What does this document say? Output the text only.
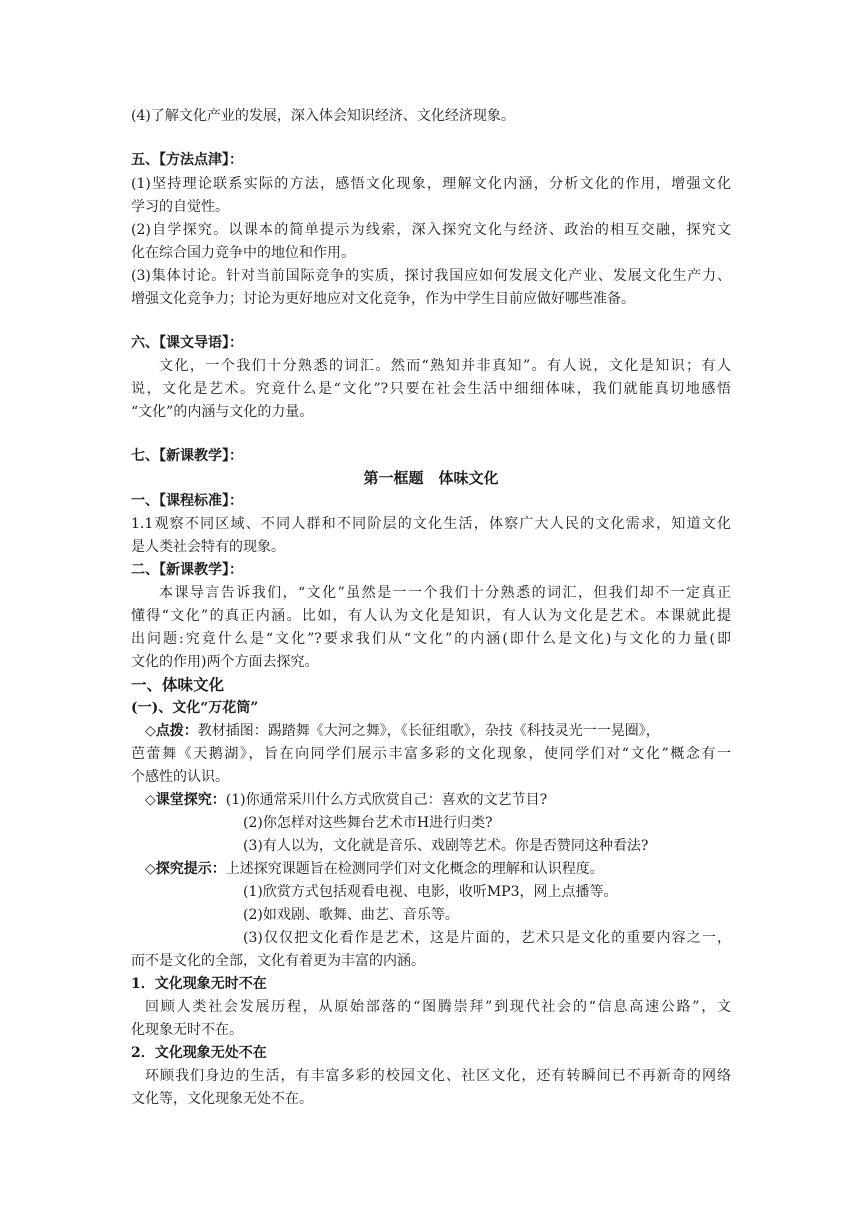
(4)了解文化产业的发展，深入体会知识经济、文化经济现象。
五、【方法点津】：
(1)坚持理论联系实际的方法，感悟文化现象，理解文化内涵，分析文化的作用，增强文化
学习的自觉性。
(2)自学探究。以课本的简单提示为线索，深入探究文化与经济、政治的相互交融，探究文
化在综合国力竞争中的地位和作用。
(3)集体讨论。针对当前国际竞争的实质，探讨我国应如何发展文化产业、发展文化生产力、
增强文化竞争力；讨论为更好地应对文化竞争，作为中学生目前应做好哪些准备。
六、【课文导语】：
文化，一个我们十分熟悉的词汇。然而“熟知并非真知”。有人说，文化是知识；有人
说，文化是艺术。究竟什么是“文化”?只要在社会生活中细细体味，我们就能真切地感悟
“文化”的内涵与文化的力量。
七、【新课教学】：
第一框题　体味文化
一、【课程标准】：
1.1观察不同区域、不同人群和不同阶层的文化生活，体察广大人民的文化需求，知道文化
是人类社会特有的现象。
二、【新课教学】：
本课导言告诉我们，“文化”虽然是一一个我们十分熟悉的词汇，但我们却不一定真正
懂得“文化”的真正内涵。比如，有人认为文化是知识，有人认为文化是艺术。本课就此提
出问题:究竟什么是“文化”?要求我们从“文化”的内涵(即什么是文化)与文化的力量(即
文化的作用)两个方面去探究。
一、体味文化
(一)、文化“万花筒”
◇点拨：教材插图：踢踏舞《大河之舞》，《长征组歌》，杂技《科技灵光一一晃圈》，
芭蕾舞《天鹅湖》，旨在向同学们展示丰富多彩的文化现象，使同学们对“文化”概念有一
个感性的认识。
◇课堂探究：(1)你通常采川什么方式欣赏自己：喜欢的文艺节目?
(2)你怎样对这些舞台艺术市H进行归类?
(3)有人以为，文化就是音乐、戏剧等艺术。你是否赞同这种看法?
◇探究提示：上述探究课题旨在检测同学们对文化概念的理解和认识程度。
(1)欣赏方式包括观看电视、电影，收听MP3，网上点播等。
(2)如戏剧、歌舞、曲艺、音乐等。
(3)仅仅把文化看作是艺术，这是片面的，艺术只是文化的重要内容之一，
而不是文化的全部，文化有着更为丰富的内涵。
1．文化现象无时不在
回顾人类社会发展历程，从原始部落的“图腾崇拜”到现代社会的“信息高速公路”，文
化现象无时不在。
2．文化现象无处不在
环顾我们身边的生活，有丰富多彩的校园文化、社区文化，还有转瞬间已不再新奇的网络
文化等，文化现象无处不在。
